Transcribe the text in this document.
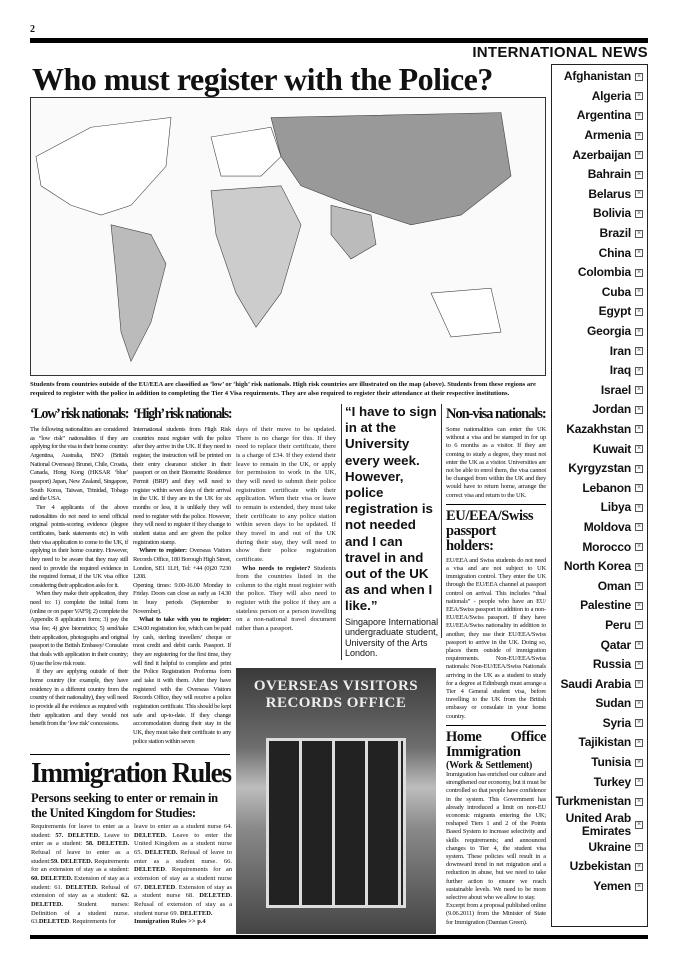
2
INTERNATIONAL NEWS
Who must register with the Police?
Students from countries outside of the EU/EEA are classified as ‘low’ or ‘high’ risk nationals. High risk countries are illustrated on the map (above). Students from these regions are required to register with the police in addition to completing the Tier 4 Visa requirments. They are also required to register their attendance at their respective institutions.
Afghanistan ×
Algeria ×
Argentina ×
Armenia ×
Azerbaijan ×
Bahrain ×
Belarus ×
Bolivia ×
Brazil ×
China ×
Colombia ×
Cuba ×
Egypt ×
Georgia ×
Iran ×
Iraq ×
Israel ×
Jordan ×
Kazakhstan ×
Kuwait ×
Kyrgyzstan ×
Lebanon ×
Libya ×
Moldova ×
Morocco ×
North Korea ×
Oman ×
Palestine ×
Peru ×
Qatar ×
Russia ×
Saudi Arabia ×
Sudan ×
Syria ×
Tajikistan ×
Tunisia ×
Turkey ×
Turkmenistan ×
United Arab Emirates ×
Ukraine ×
Uzbekistan ×
Yemen ×
‘Low’ risk nationals:

The following nationalities are considered as “low risk” nationalities if they are applying for the visa in their home country: Argentina, Australia, BNO (British National Overseas) Brunei, Chile, Croatia, Canada, Hong Kong (HKSAR ‘blue’ passport) Japan, New Zealand, Singapore, South Korea, Taiwan, Trinidad, Tobago and the USA.

Tier 4 applicants of the above nationalities do not need to send official original points-scoring evidence (degree certificates, bank statements etc) in with their visa application to come to the UK, if applying in their home country. However, they need to be aware that they may still need to provide the required evidence in the required format, if the UK visa office considering their application asks for it.

When they make their application, they need to: 1) complete the initial form (online or on paper VAF9); 2) complete the Appendix 8 application form; 3) pay the visa fee; 4) give biometrics; 5) send/take their application, photographs and original passport to the British Embassy/ Consulate that deals with application in their country; 6) use the low risk route.

If they are applying outside of their home country (for example, they have residency in a different country from the country of their nationality), they will need to provide all the evidence as required with their application and they would not benefit from the ‘low risk’ concessions.

‘High’ risk nationals:

International students from High Risk countries must register with the police after they arrive in the UK. If they need to register, the instruction will be printed on their entry clearance sticker in their passport or on their Biometric Residence Permit (BRP) and they will need to register within seven days of their arrival in the UK. If they are in the UK for six months or less, it is unlikely they will need to register with the police. However, they will need to register if they change to student status and are given the police registration stamp.

Where to register: Overseas Visitors Records Office, 180 Borough High Street, London, SE1 1LH, Tel: +44 (0)20 7230 1208.

Opening times: 9.00-16.00 Monday to Friday. Doors can close as early as 14.30 in busy periods (September to November).

What to take with you to register: £34.00 registration fee, which can be paid by cash, sterling travellers’ cheque or most credit and debit cards. Passport. If they are registering for the first time, they will find it helpful to complete and print the Police Registration Proforma form and take it with them. After they have registered with the Overseas Visitors Records Office, they will receive a police registration certificate. This should be kept safe and up-to-date. If they change accommodation during their stay in the UK, they must take their certificate to any police station within seven

days of their move to be updated. There is no charge for this. If they need to replace their certificate, there is a charge of £34. If they extend their leave to remain in the UK, or apply for permission to work in the UK, they will need to submit their police registration certificate with their application. When their visa or leave to remain is extended, they must take their certificate to any police station within seven days to be updated. If they travel in and out of the UK during their stay, they will need to show their police registration certificate.

Who needs to register? Students from the countries listed in the column to the right must register with the police. They will also need to register with the police if they are a stateless person or a person travelling on a non-national travel document rather than a passport.

“I have to sign in at the University every week. However, police registration is not needed and I can travel in and out of the UK as and when I like.”
Singapore International undergraduate student, University of the Arts London.
OVERSEAS VISITORS RECORDS OFFICE
Immigration Rules
Persons seeking to enter or remain in the United Kingdom for Studies:
Requirements for leave to enter as a student: 57. DELETED. Leave to enter as a student: 58. DELETED. Refusal of leave to enter as a student:59. DELETED. Requirements for an extension of stay as a student: 60. DELETED. Extension of stay as a student: 61. DELETED. Refusal of extension of stay as a student: 62. DELETED. Student nurses: Definition of a student nurse. 63.DELETED. Requirements for
leave to enter as a student nurse 64. DELETED. Leave to enter the United Kingdom as a student nurse 65. DELETED. Refusal of leave to enter as a student nurse. 66. DELETED. Requirements for an extension of stay as a student nurse 67. DELETED. Extension of stay as a student nurse 68. DELETED. Refusal of extension of stay as a student nurse 69. DELETED.
Immigration Rules >> p.4
Non-visa nationals:

Some nationalities can enter the UK without a visa and be stamped in for up to 6 months as a visitor. If they are coming to study a degree, they must not enter the UK as a visitor. Universities are not be able to enrol them, the visa cannot be changed from within the UK and they would have to return home, arrange the correct visa and return to the UK.

EU/EEA/Swiss passport holders:

EU/EEA and Swiss students do not need a visa and are not subject to UK immigration control. They enter the UK through the EU/EEA channel at passport control on arrival. This includes “dual nationals” - people who have an EU/ EEA/Swiss passport in addition to a non-EU/EEA/Swiss passport. If they have EU/EEA/Swiss nationality in addition to another, they use their EU/EEA/Swiss passport to arrive in the UK. Doing so, places them outside of immigration requirements. Non-EU/EEA/Swiss nationals: Non-EU/EEA/Swiss Nationals arriving in the UK as a student to study for a degree at Edinburgh must arrange a Tier 4 General student visa, before travelling to the UK from the British embassy or consulate in your home country.

Home Office Immigration
(Work & Settlement)

Immigration has enriched our culture and strengthened our economy, but it must be controlled so that people have confidence in the system. This Government has already introduced a limit on non-EU economic migrants entering the UK; reshaped Tiers 1 and 2 of the Points Based System to increase selectivity and skills requirements; and announced changes to Tier 4, the student visa system. These policies will result in a downward trend in net migration and a reduction in abuse, but we need to take further action to ensure we reach sustainable levels. We need to be more selective about who we allow to stay.

Excerpt from a proposal published online (9.06.2011) from the Minister of State for Immigration (Damian Green).
